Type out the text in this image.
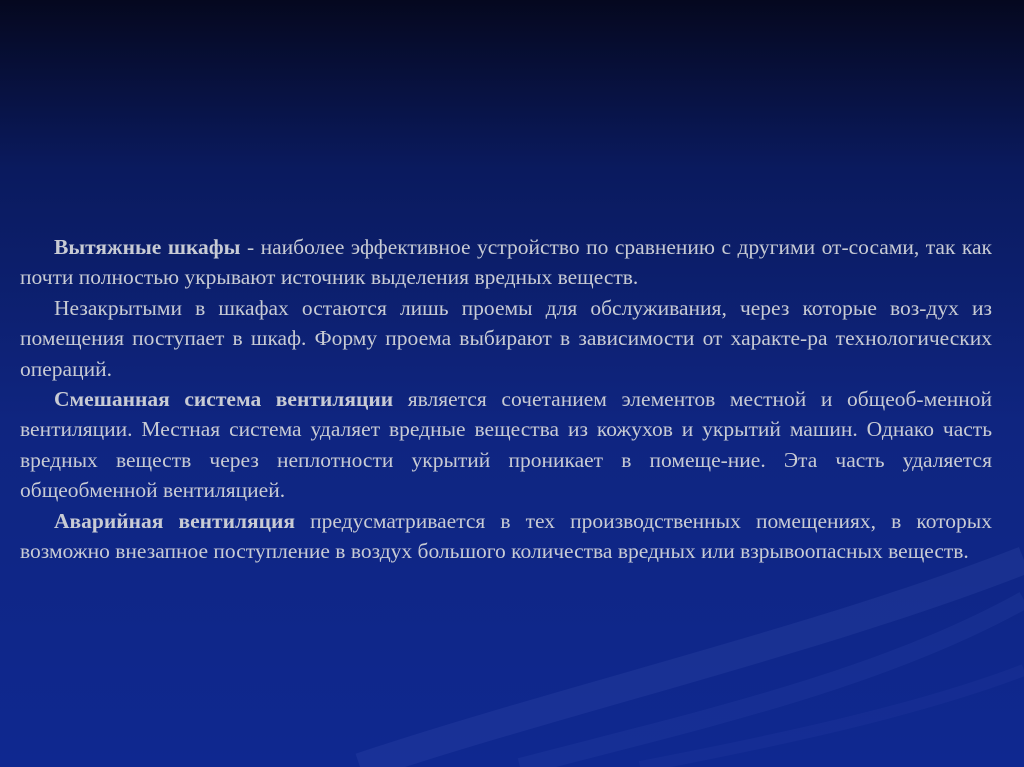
Вытяжные шкафы - наиболее эффективное устройство по сравнению с другими от-сосами, так как почти полностью укрывают источник выделения вредных веществ.

Незакрытыми в шкафах остаются лишь проемы для обслуживания, через которые воз-дух из помещения поступает в шкаф. Форму проема выбирают в зависимости от характе-ра технологических операций.

Смешанная система вентиляции является сочетанием элементов местной и общеоб-менной вентиляции. Местная система удаляет вредные вещества из кожухов и укрытий машин. Однако часть вредных веществ через неплотности укрытий проникает в помеще-ние. Эта часть удаляется общеобменной вентиляцией.

Аварийная вентиляция предусматривается в тех производственных помещениях, в которых возможно внезапное поступление в воздух большого количества вредных или взрывоопасных веществ.
